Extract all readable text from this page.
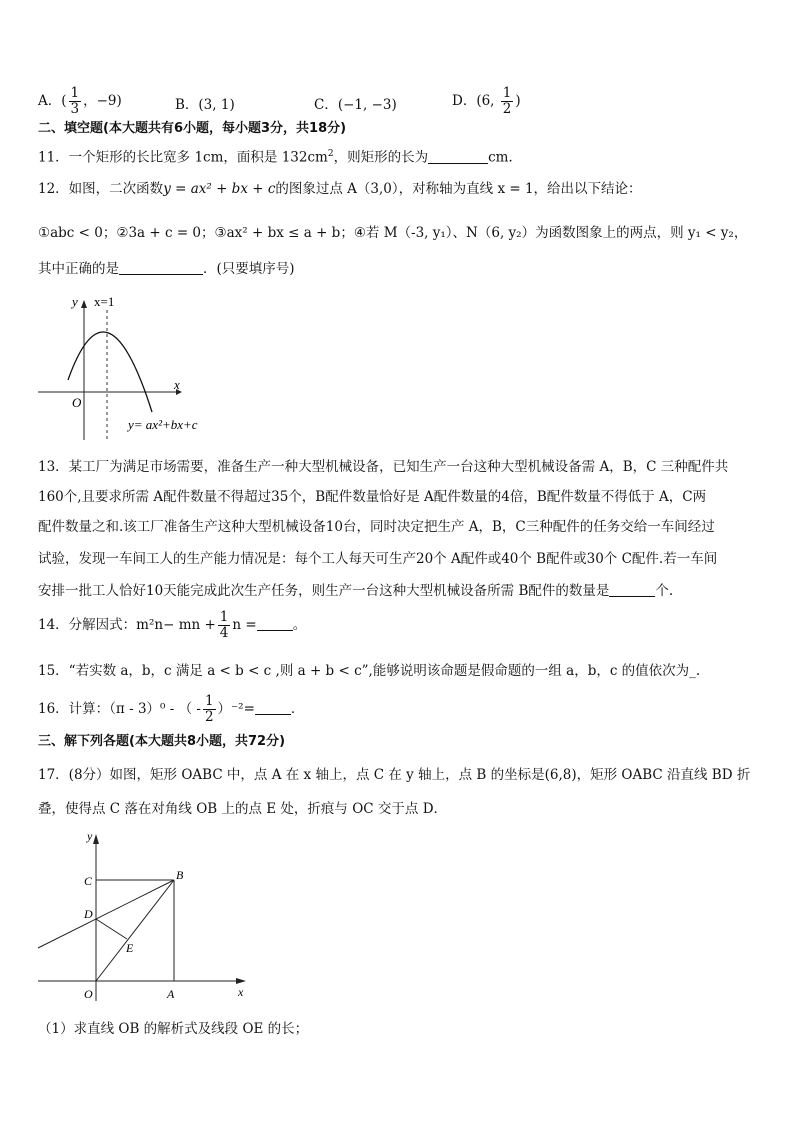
A．( $\frac{1}{3}$ ，−9)	B．(3, 1)	C．(−1, −3)	D．(6, $\frac{1}{2}$ )
二、填空题(本大题共有6小题，每小题3分，共18分)
11．一个矩形的长比宽多 1cm，面积是 $132cm^2$，则矩形的长为	cm．
12．如图，二次函数y = ax² + bx + c的图象过点 A（3,0），对称轴为直线 x = 1，给出以下结论：
①abc < 0；②3a + c = 0；③ax² + bx ≤ a + b；④若 M（-3, y₁）、N（6, y₂）为函数图象上的两点，则 y₁ < y₂，
其中正确的是	．(只要填序号)
y
x
O
x=1
y= ax²+bx+c
13．某工厂为满足市场需要，准备生产一种大型机械设备，已知生产一台这种大型机械设备需 A，B，C 三种配件共
160个,且要求所需 A配件数量不得超过35个，B配件数量恰好是 A配件数量的4倍，B配件数量不得低于 A，C两
配件数量之和.该工厂准备生产这种大型机械设备10台，同时决定把生产 A，B，C三种配件的任务交给一车间经过
试验，发现一车间工人的生产能力情况是：每个工人每天可生产20个 A配件或40个 B配件或30个 C配件.若一车间
安排一批工人恰好10天能完成此次生产任务，则生产一台这种大型机械设备所需 B配件的数量是	个.
14．分解因式：m²n− mn + $\frac{1}{4}$ n =	。
15．“若实数 a，b，c 满足 a < b < c ,则 a + b < c”,能够说明该命题是假命题的一组 a，b，c 的值依次为_.
16．计算：（π - 3）⁰ - （ - $\frac{1}{2} )^{-2}=$	．
三、解下列各题(本大题共8小题，共72分)
17．(8分）如图，矩形 OABC 中，点 A 在 x 轴上，点 C 在 y 轴上，点 B 的坐标是(6,8)，矩形 OABC 沿直线 BD 折
叠，使得点 C 落在对角线 OB 上的点 E 处，折痕与 OC 交于点 D．
y
x
O	A
B
C
D
E
（1）求直线 OB 的解析式及线段 OE 的长；
